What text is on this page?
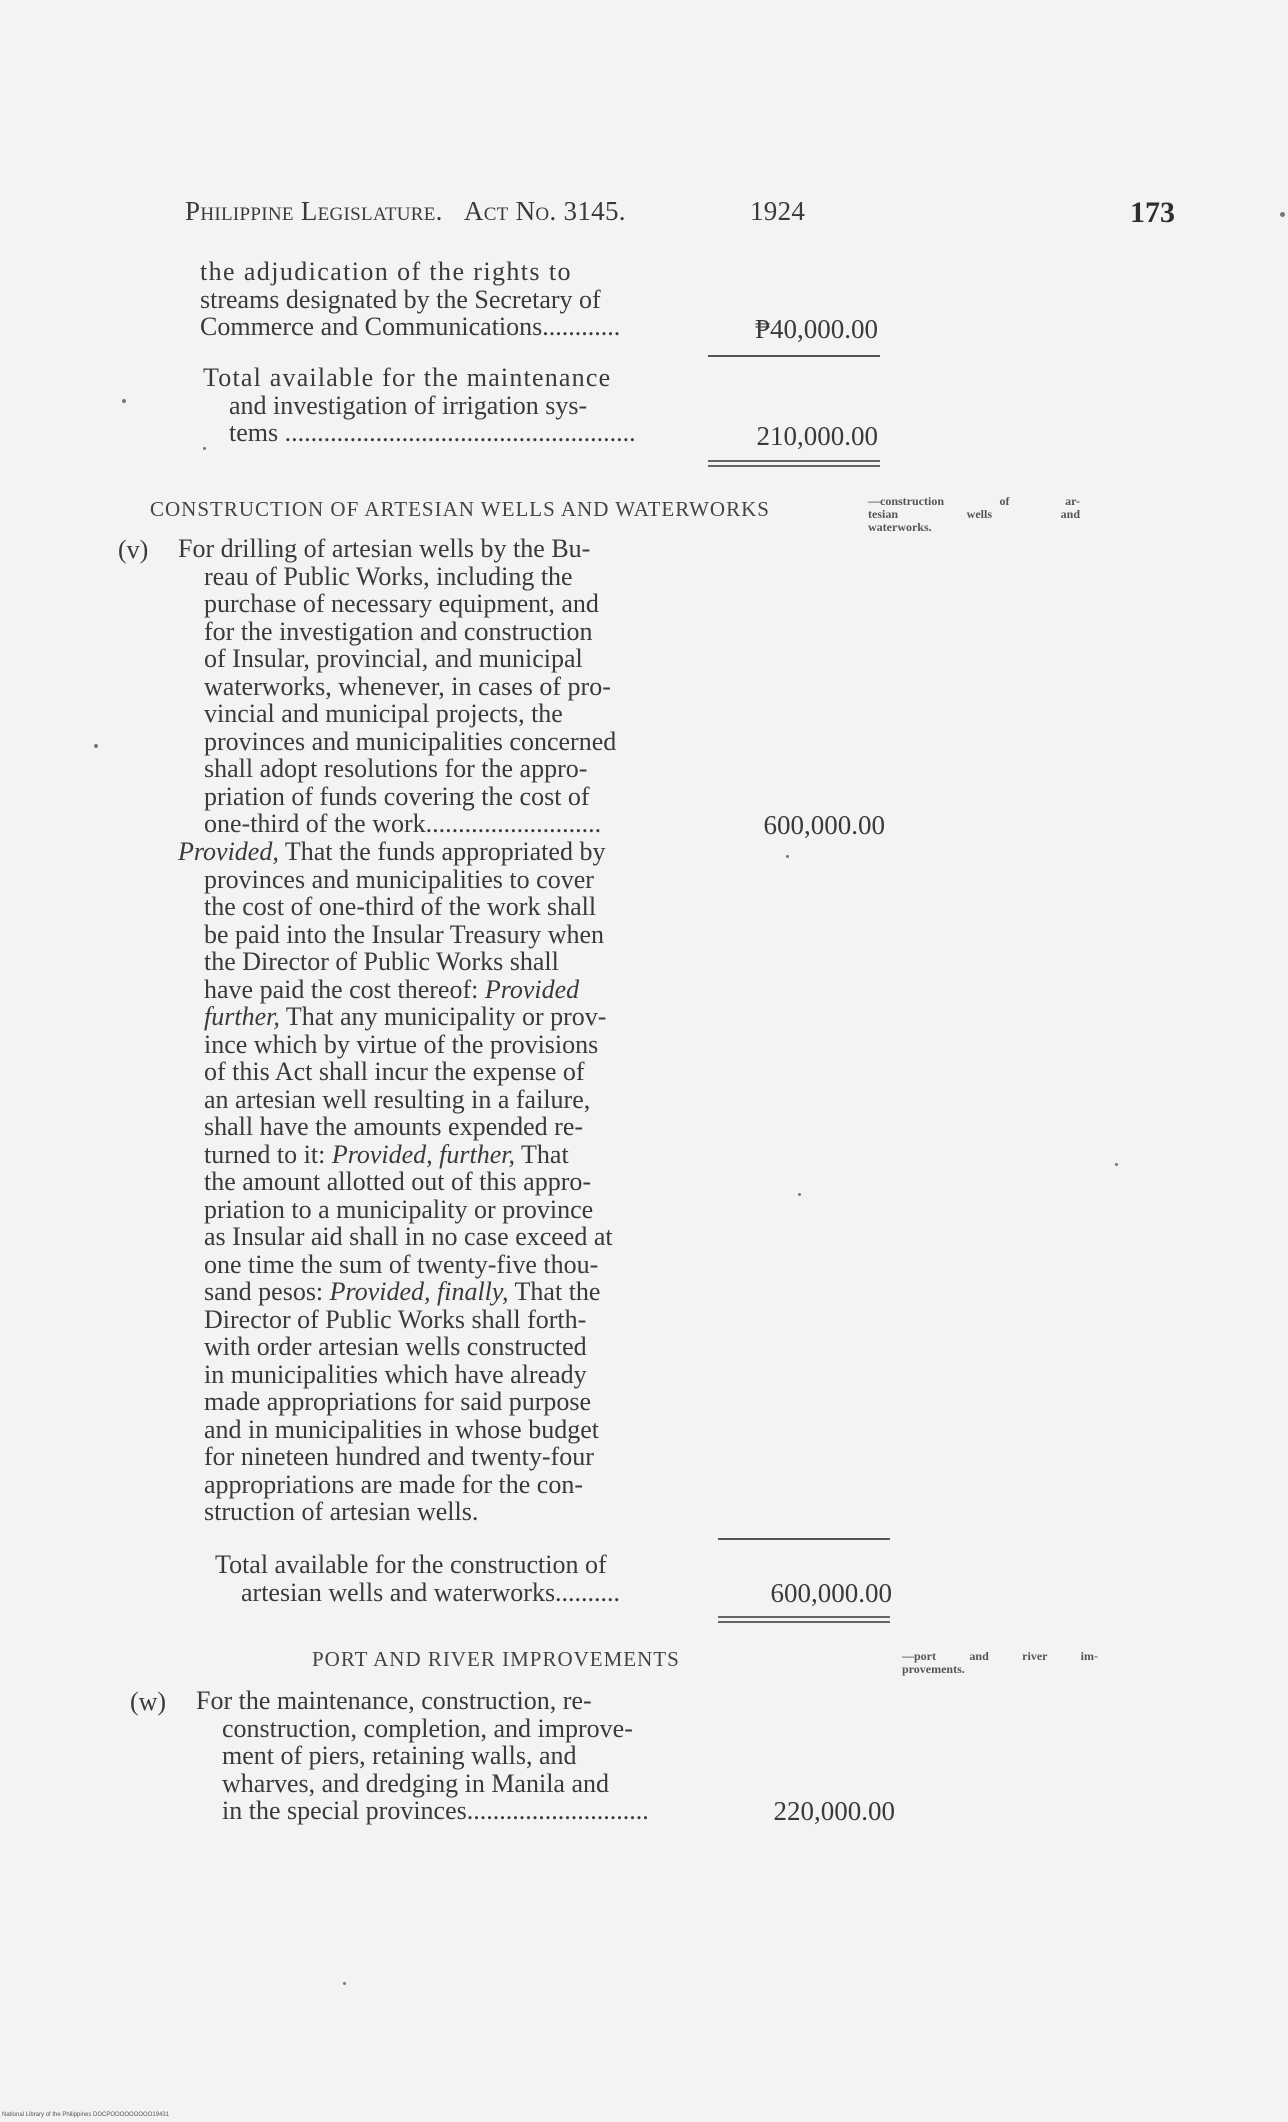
Philippine Legislature. Act No. 3145.	1924	173
the adjudication of the rights to
streams designated by the Secretary of
Commerce and Communications............	₱40,000.00
Total available for the maintenance
and investigation of irrigation sys-
tems ......................................................	210,000.00
CONSTRUCTION OF ARTESIAN WELLS AND WATERWORKS	—construction of ar-
tesian wells and
waterworks.
(v) For drilling of artesian wells by the Bu-
reau of Public Works, including the
purchase of necessary equipment, and
for the investigation and construction
of Insular, provincial, and municipal
waterworks, whenever, in cases of pro-
vincial and municipal projects, the
provinces and municipalities concerned
shall adopt resolutions for the appro-
priation of funds covering the cost of
one-third of the work...........................	600,000.00
Provided, That the funds appropriated by
provinces and municipalities to cover
the cost of one-third of the work shall
be paid into the Insular Treasury when
the Director of Public Works shall
have paid the cost thereof: Provided
further, That any municipality or prov-
ince which by virtue of the provisions
of this Act shall incur the expense of
an artesian well resulting in a failure,
shall have the amounts expended re-
turned to it: Provided, further, That
the amount allotted out of this appro-
priation to a municipality or province
as Insular aid shall in no case exceed at
one time the sum of twenty-five thou-
sand pesos: Provided, finally, That the
Director of Public Works shall forth-
with order artesian wells constructed
in municipalities which have already
made appropriations for said purpose
and in municipalities in whose budget
for nineteen hundred and twenty-four
appropriations are made for the con-
struction of artesian wells.
Total available for the construction of
artesian wells and waterworks..........	600,000.00
PORT AND RIVER IMPROVEMENTS	—port and river im-
provements.
(w) For the maintenance, construction, re-
construction, completion, and improve-
ment of piers, retaining walls, and
wharves, and dredging in Manila and
in the special provinces............................	220,000.00
National Library of the Philippines DOCPOOOOOOOOO19431
